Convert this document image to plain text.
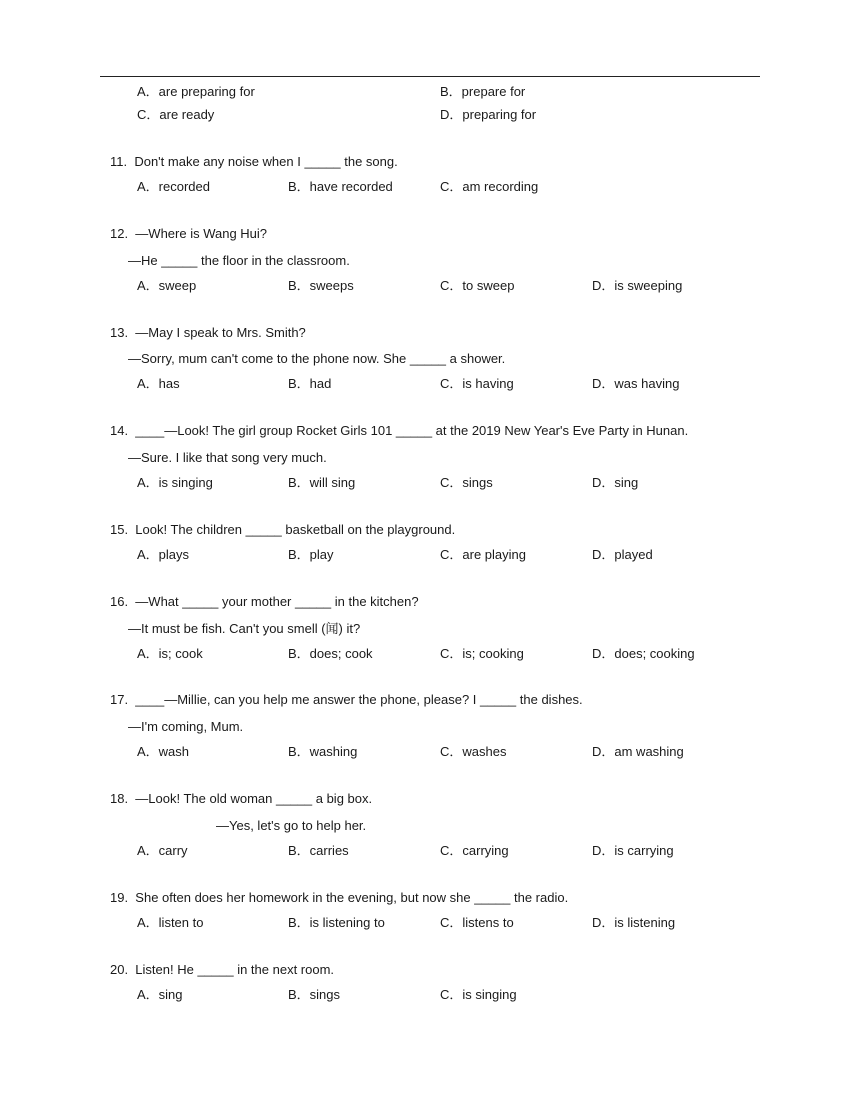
A．are preparing for	B．prepare for
C．are ready	D．preparing for
11.  Don't make any noise when I _____ the song.
A．recorded	B．have recorded	C．am recording
12.  —Where is Wang Hui?
—He _____ the floor in the classroom.
A．sweep	B．sweeps	C．to sweep	D．is sweeping
13.  —May I speak to Mrs. Smith?
—Sorry, mum can't come to the phone now. She _____ a shower.
A．has	B．had	C．is having	D．was having
14.  ____—Look! The girl group Rocket Girls 101 _____ at the 2019 New Year's Eve Party in Hunan.
—Sure. I like that song very much.
A．is singing	B．will sing	C．sings	D．sing
15.  Look! The children _____ basketball on the playground.
A．plays	B．play	C．are playing	D．played
16.  —What _____ your mother _____ in the kitchen?
—It must be fish. Can't you smell (闻) it?
A．is; cook	B．does; cook	C．is; cooking	D．does; cooking
17.  ____—Millie, can you help me answer the phone, please? I _____ the dishes.
—I'm coming, Mum.
A．wash	B．washing	C．washes	D．am washing
18.  —Look! The old woman _____ a big box.
—Yes, let's go to help her.
A．carry	B．carries	C．carrying	D．is carrying
19.  She often does her homework in the evening, but now she _____ the radio.
A．listen to	B．is listening to	C．listens to	D．is listening
20.  Listen! He _____ in the next room.
A．sing	B．sings	C．is singing
